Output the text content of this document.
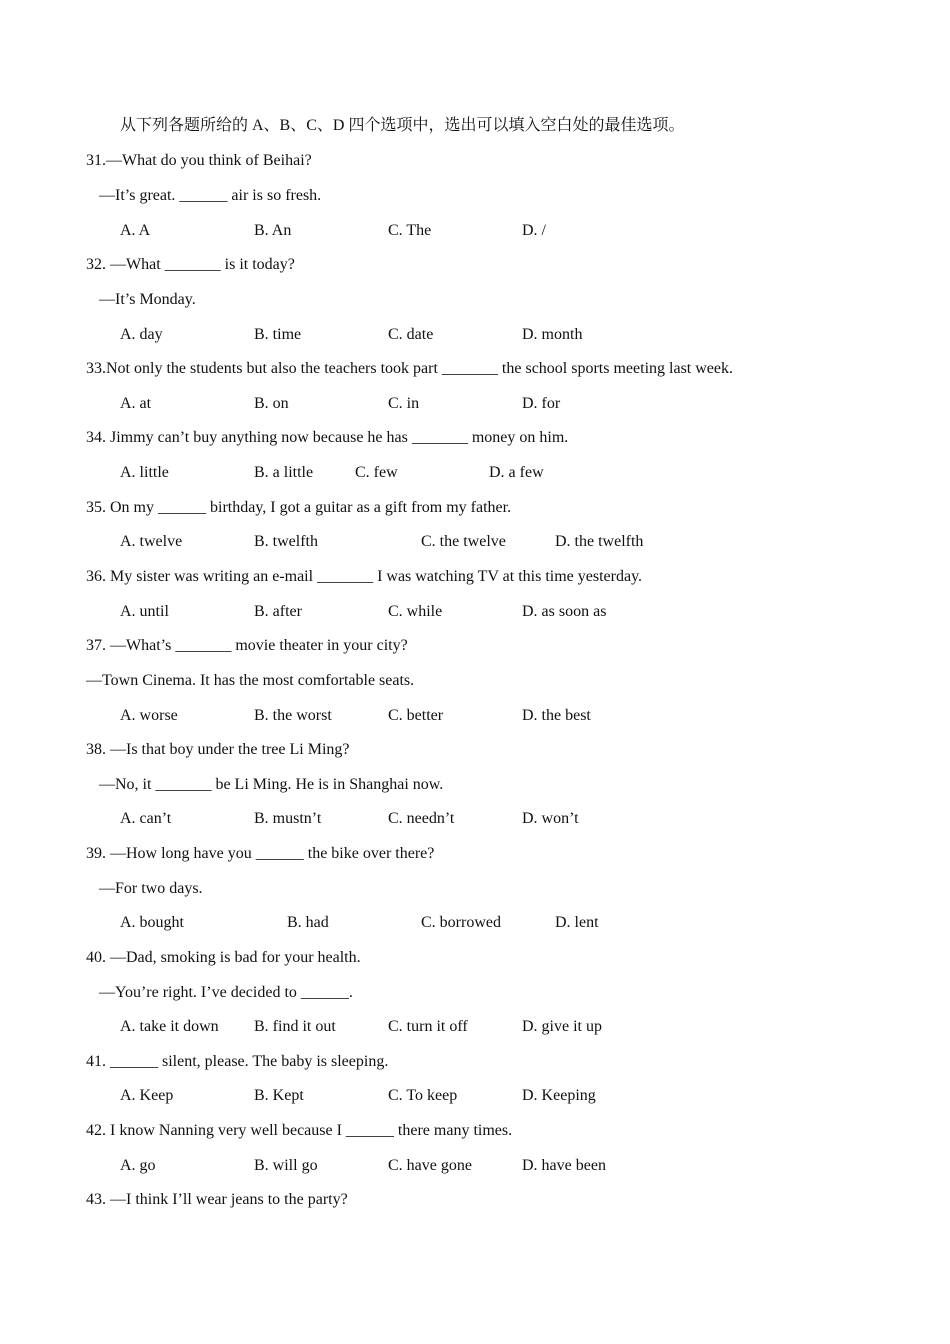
从下列各题所给的 A、B、C、D 四个选项中，选出可以填入空白处的最佳选项。
31.—What do you think of Beihai?
—It’s great. ______ air is so fresh.
A. A	B. An	C. The	D. /
32. —What _______ is it today?
—It’s Monday.
A. day	B. time	C. date	D. month
33.Not only the students but also the teachers took part _______ the school sports meeting last week.
A. at	B. on	C. in	D. for
34. Jimmy can’t buy anything now because he has _______ money on him.
A. little	B. a little	C. few	D. a few
35. On my ______ birthday, I got a guitar as a gift from my father.
A. twelve	B. twelfth	C. the twelve	D. the twelfth
36. My sister was writing an e-mail _______ I was watching TV at this time yesterday.
A. until	B. after	C. while	D. as soon as
37. —What’s _______ movie theater in your city?
—Town Cinema. It has the most comfortable seats.
A. worse	B. the worst	C. better	D. the best
38. —Is that boy under the tree Li Ming?
—No, it _______ be Li Ming. He is in Shanghai now.
A. can’t	B. mustn’t	C. needn’t	D. won’t
39. —How long have you ______ the bike over there?
—For two days.
A. bought	B. had	C. borrowed	D. lent
40. —Dad, smoking is bad for your health.
—You’re right. I’ve decided to ______.
A. take it down B. find it out	C. turn it off	D. give it up
41. ______ silent, please. The baby is sleeping.
A. Keep	B. Kept	C. To keep	D. Keeping
42. I know Nanning very well because I ______ there many times.
A. go	B. will go	C. have gone	D. have been
43. —I think I’ll wear jeans to the party?
